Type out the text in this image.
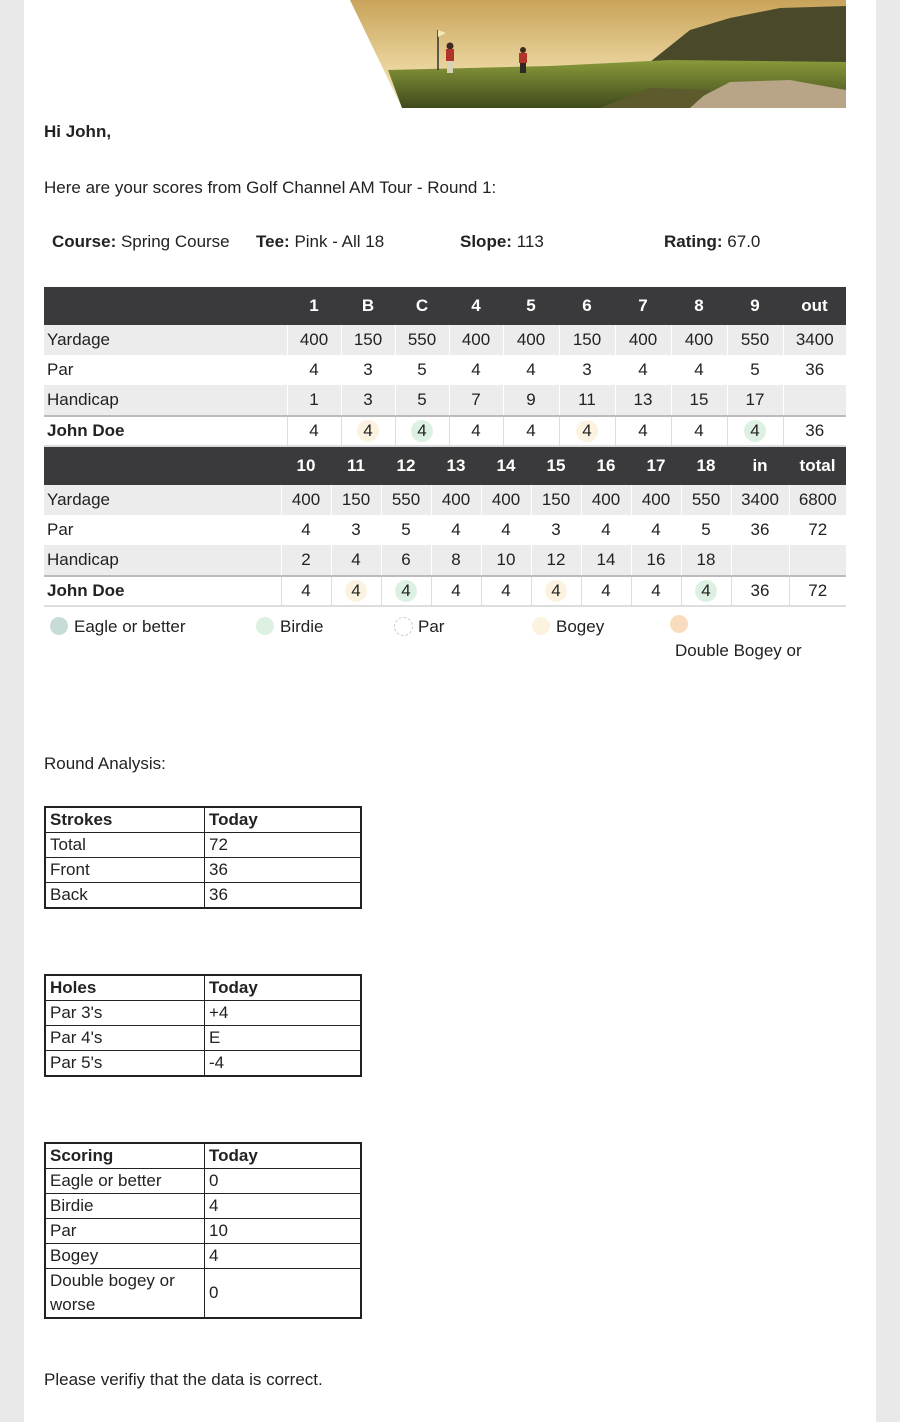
Hi John,
Here are your scores from Golf Channel AM Tour - Round 1:
Course: Spring Course Tee: Pink - All 18	Slope: 113	Rating: 67.0
	1	B	C	4	5	6	7	8	9	out
Yardage	400	150	550	400	400	150	400	400	550	3400
Par	4	3	5	4	4	3	4	4	5	36
Handicap	1	3	5	7	9	11	13	15	17	
John Doe	4	4	4	4	4	4	4	4	4	36
	10	11	12	13	14	15	16	17	18	in	total
Yardage	400	150	550	400	400	150	400	400	550	3400	6800
Par	4	3	5	4	4	3	4	4	5	36	72
Handicap	2	4	6	8	10	12	14	16	18		
John Doe	4	4	4	4	4	4	4	4	4	36	72
Eagle or better	Birdie	Par	Bogey
Double Bogey or
Round Analysis:
Strokes	Today
Total	72
Front	36
Back	36
Holes	Today
Par 3's	+4
Par 4's	E
Par 5's	-4
Scoring	Today
Eagle or better	0
Birdie	4
Par	10
Bogey	4
Double bogey or worse	0
Please verifiy that the data is correct.
